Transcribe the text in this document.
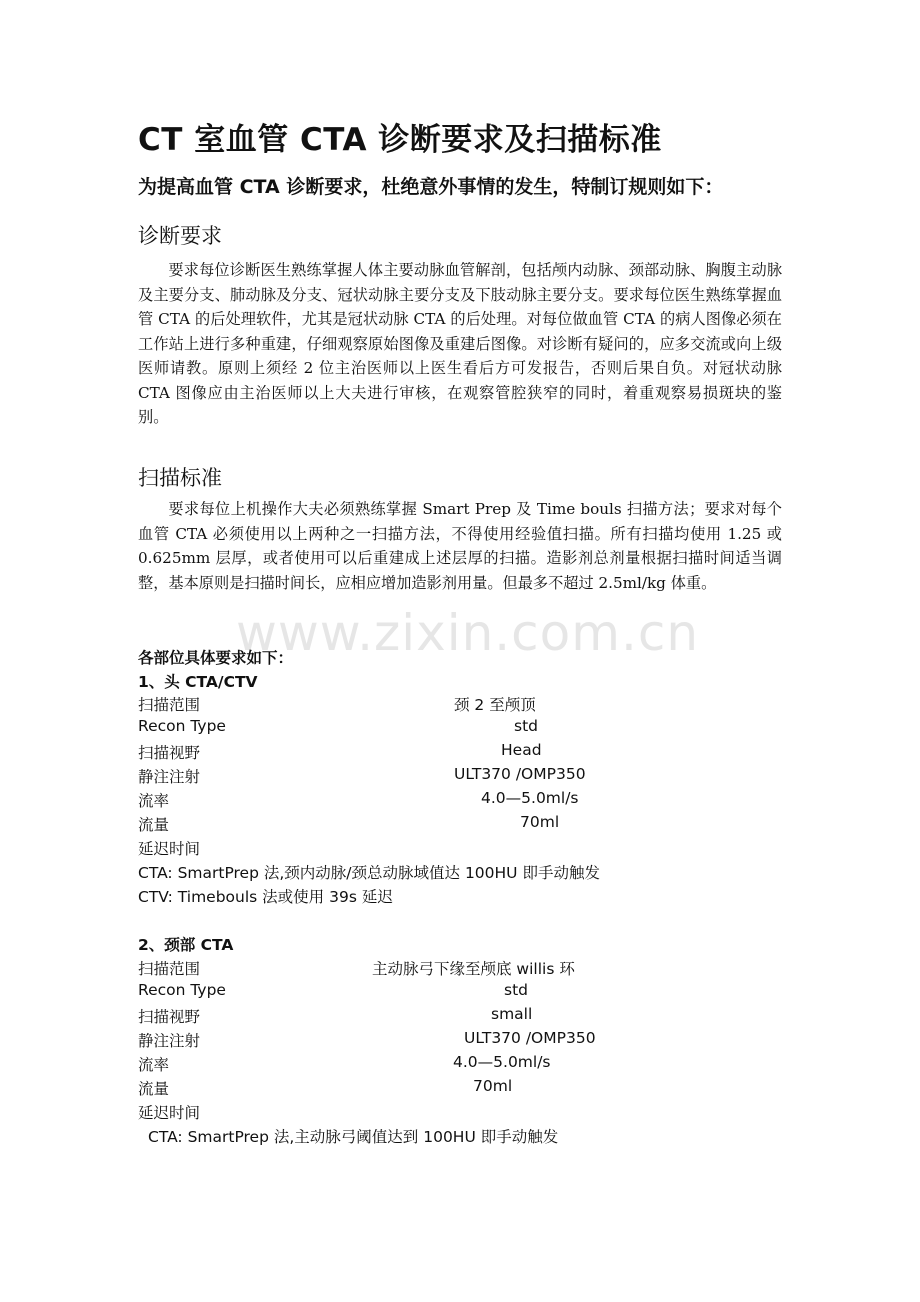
CT 室血管 CTA 诊断要求及扫描标准
为提高血管 CTA 诊断要求，杜绝意外事情的发生，特制订规则如下：
诊断要求

要求每位诊断医生熟练掌握人体主要动脉血管解剖，包括颅内动脉、颈部动脉、胸腹主动脉及主要分支、肺动脉及分支、冠状动脉主要分支及下肢动脉主要分支。要求每位医生熟练掌握血管 CTA 的后处理软件，尤其是冠状动脉 CTA 的后处理。对每位做血管 CTA 的病人图像必须在工作站上进行多种重建，仔细观察原始图像及重建后图像。对诊断有疑问的，应多交流或向上级医师请教。原则上须经 2 位主治医师以上医生看后方可发报告，否则后果自负。对冠状动脉 CTA 图像应由主治医师以上大夫进行审核，在观察管腔狭窄的同时，着重观察易损斑块的鉴别。

扫描标准

要求每位上机操作大夫必须熟练掌握 Smart Prep 及 Time bouls 扫描方法；要求对每个血管 CTA 必须使用以上两种之一扫描方法，不得使用经验值扫描。所有扫描均使用 1.25 或 0.625mm 层厚，或者使用可以后重建成上述层厚的扫描。造影剂总剂量根据扫描时间适当调整，基本原则是扫描时间长，应相应增加造影剂用量。但最多不超过 2.5ml/kg 体重。

www.zixin.com.cn
各部位具体要求如下：
1、头 CTA/CTV
扫描范围	颈 2 至颅顶
Recon Type	std
扫描视野	Head
静注注射	ULT370 /OMP350
流率	4.0—5.0ml/s
流量	70ml
延迟时间
CTA: SmartPrep 法,颈内动脉/颈总动脉域值达 100HU 即手动触发
CTV: Timebouls 法或使用 39s 延迟
2、颈部 CTA
扫描范围	主动脉弓下缘至颅底 willis 环
Recon Type	std
扫描视野	small
静注注射	ULT370 /OMP350
流率	4.0—5.0ml/s
流量	70ml
延迟时间
CTA: SmartPrep 法,主动脉弓阈值达到 100HU 即手动触发
